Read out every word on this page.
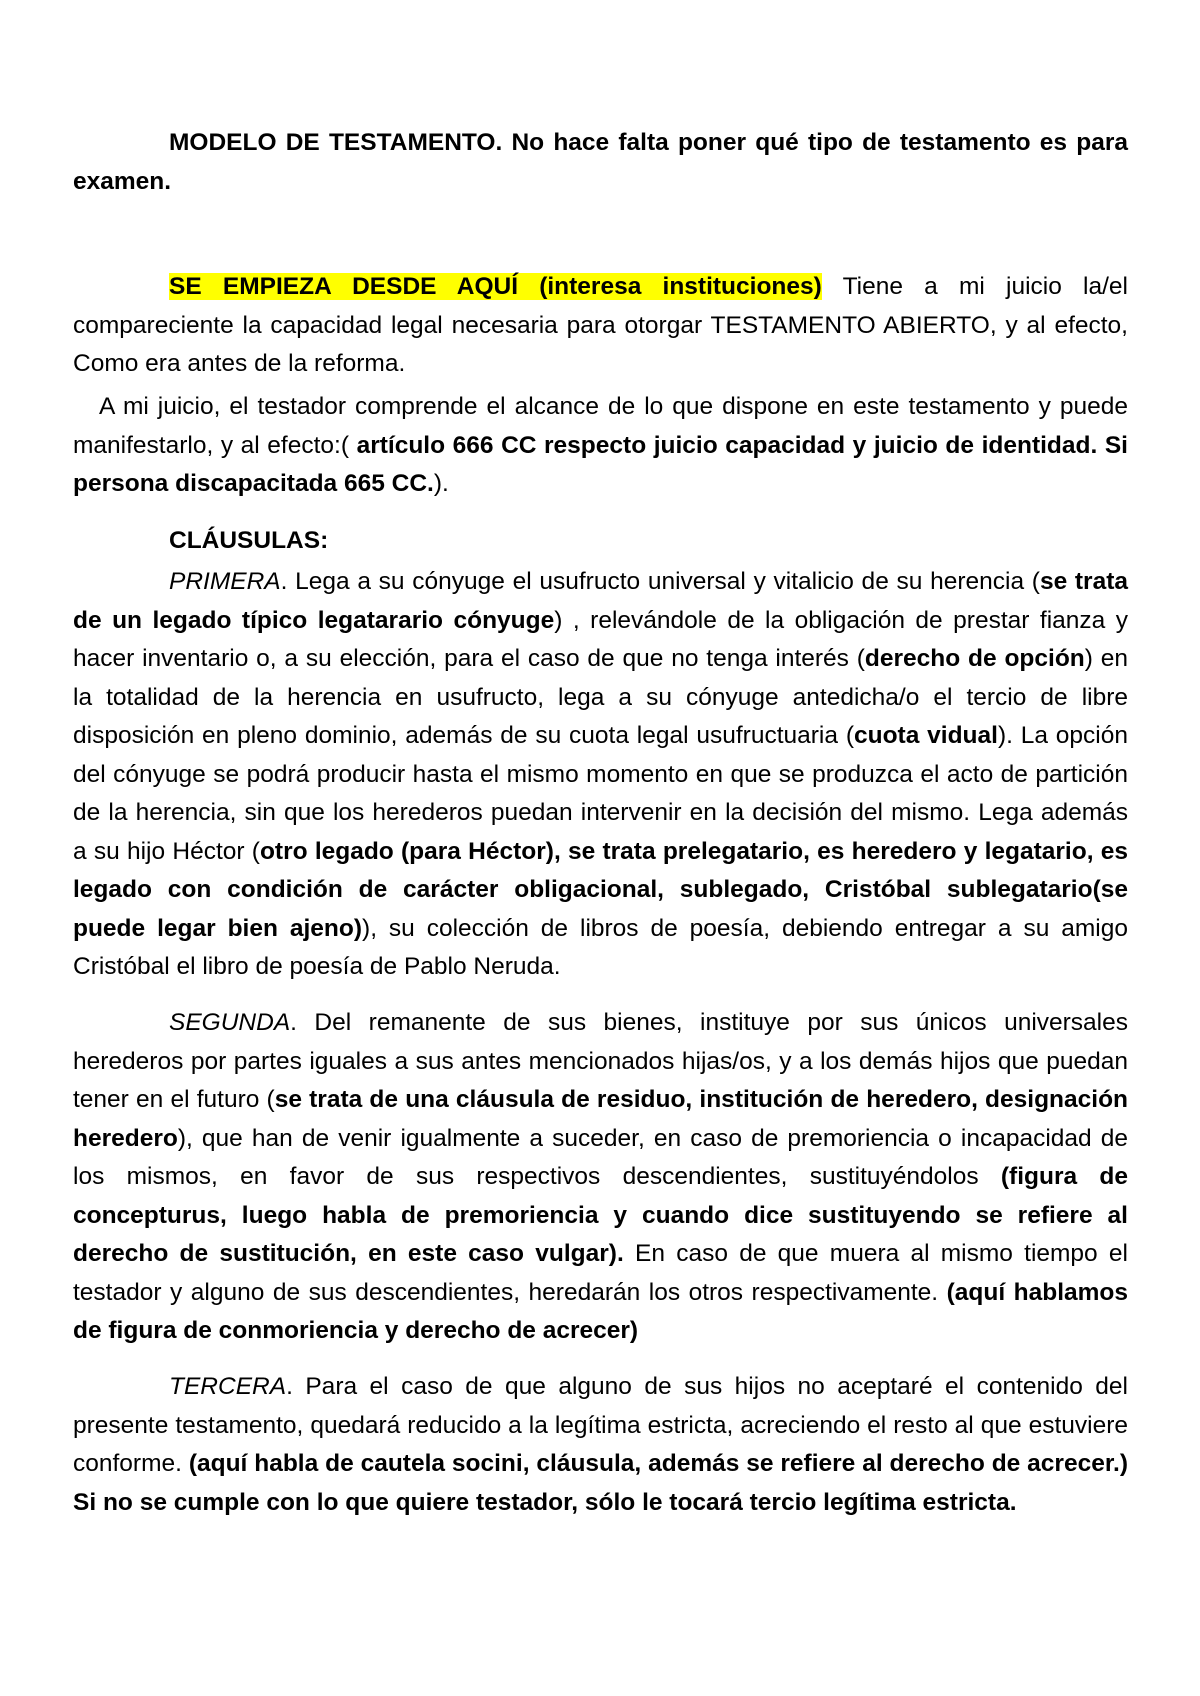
MODELO DE TESTAMENTO. No hace falta poner qué tipo de testamento es para examen.

SE EMPIEZA DESDE AQUÍ (interesa instituciones) Tiene a mi juicio la/el compareciente la capacidad legal necesaria para otorgar TESTAMENTO ABIERTO, y al efecto, Como era antes de la reforma.

A mi juicio, el testador comprende el alcance de lo que dispone en este testamento y puede manifestarlo, y al efecto:( artículo 666 CC respecto juicio capacidad y juicio de identidad. Si persona discapacitada 665 CC.).

CLÁUSULAS:

PRIMERA. Lega a su cónyuge el usufructo universal y vitalicio de su herencia (se trata de un legado típico legatarario cónyuge) , relevándole de la obligación de prestar fianza y hacer inventario o, a su elección, para el caso de que no tenga interés (derecho de opción) en la totalidad de la herencia en usufructo, lega a su cónyuge antedicha/o el tercio de libre disposición en pleno dominio, además de su cuota legal usufructuaria (cuota vidual). La opción del cónyuge se podrá producir hasta el mismo momento en que se produzca el acto de partición de la herencia, sin que los herederos puedan intervenir en la decisión del mismo. Lega además a su hijo Héctor (otro legado (para Héctor), se trata prelegatario, es heredero y legatario, es legado con condición de carácter obligacional, sublegado, Cristóbal sublegatario(se puede legar bien ajeno)), su colección de libros de poesía, debiendo entregar a su amigo Cristóbal el libro de poesía de Pablo Neruda.

SEGUNDA. Del remanente de sus bienes, instituye por sus únicos universales herederos por partes iguales a sus antes mencionados hijas/os, y a los demás hijos que puedan tener en el futuro (se trata de una cláusula de residuo, institución de heredero, designación heredero), que han de venir igualmente a suceder, en caso de premoriencia o incapacidad de los mismos, en favor de sus respectivos descendientes, sustituyéndolos (figura de concepturus, luego habla de premoriencia y cuando dice sustituyendo se refiere al derecho de sustitución, en este caso vulgar). En caso de que muera al mismo tiempo el testador y alguno de sus descendientes, heredarán los otros respectivamente. (aquí hablamos de figura de conmoriencia y derecho de acrecer)

TERCERA. Para el caso de que alguno de sus hijos no aceptaré el contenido del presente testamento, quedará reducido a la legítima estricta, acreciendo el resto al que estuviere conforme. (aquí habla de cautela socini, cláusula, además se refiere al derecho de acrecer.) Si no se cumple con lo que quiere testador, sólo le tocará tercio legítima estricta.
